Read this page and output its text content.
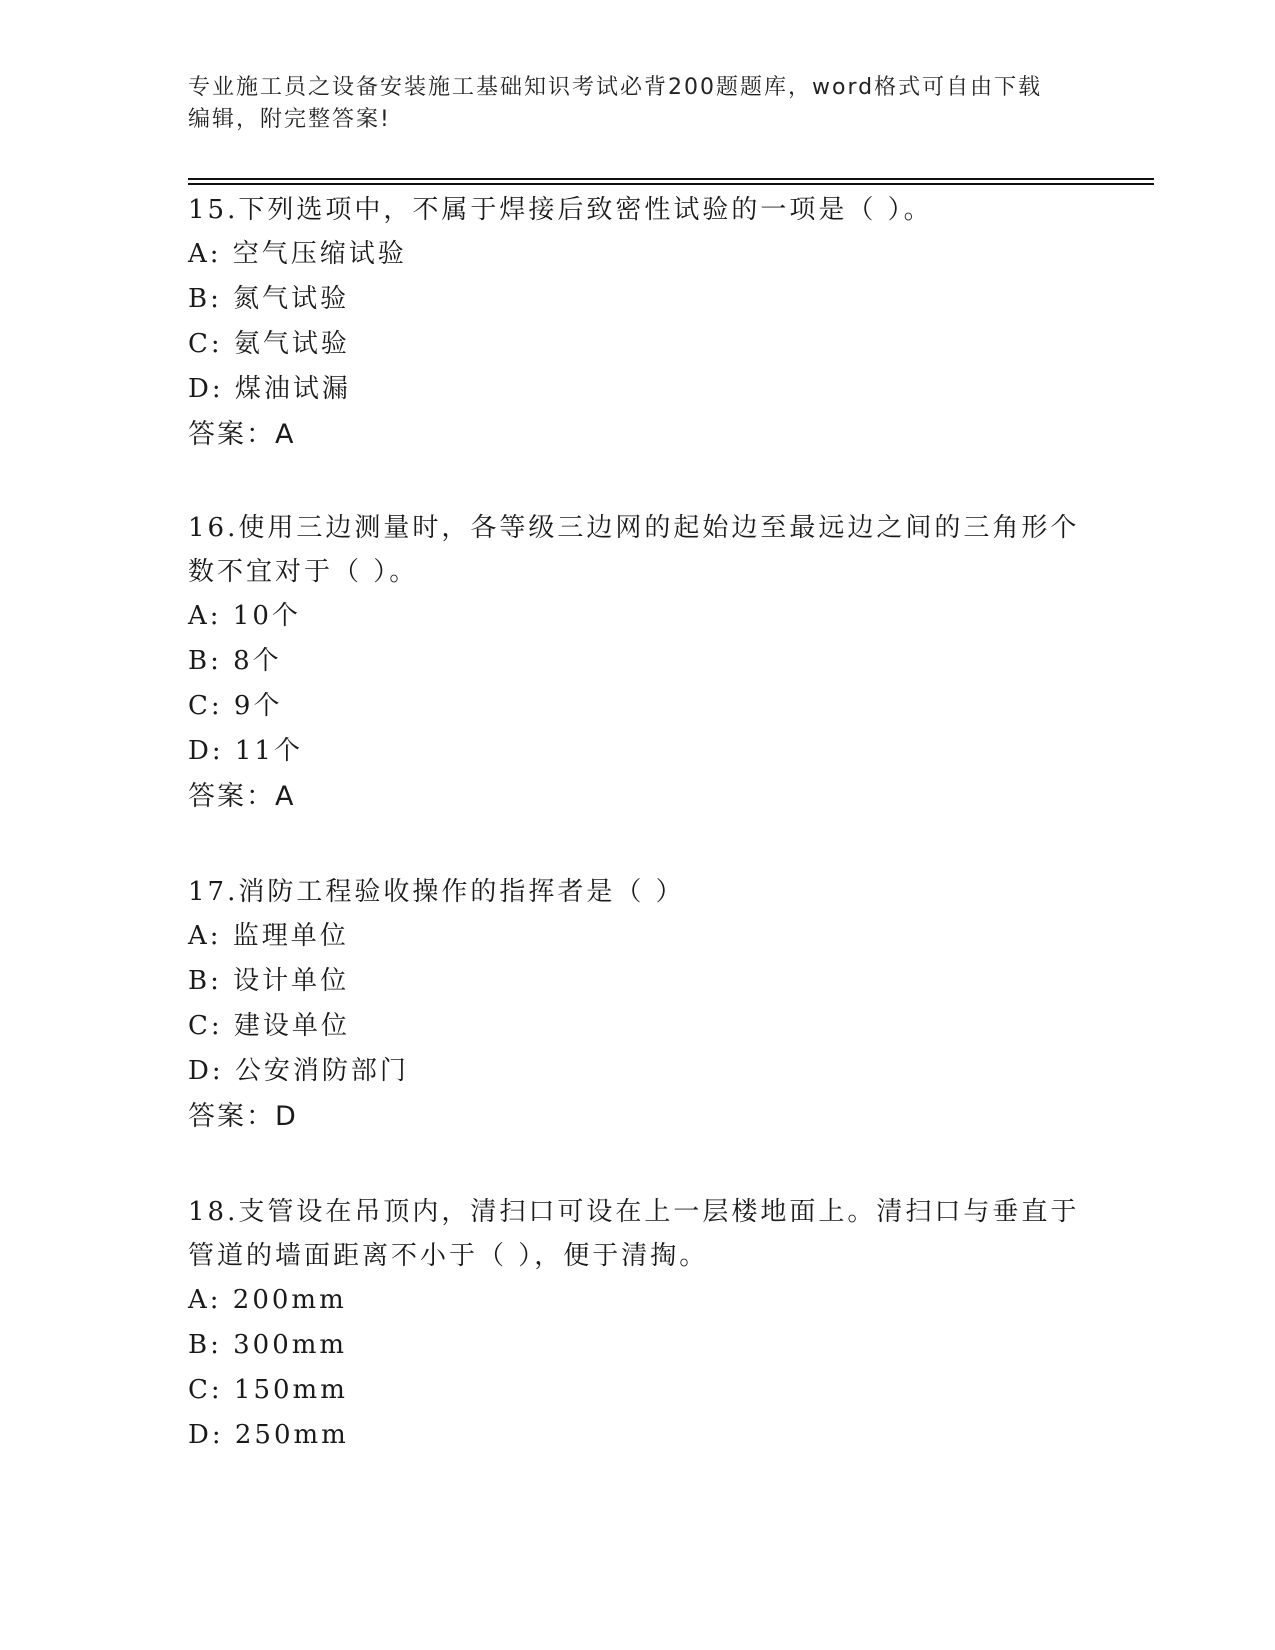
专业施工员之设备安装施工基础知识考试必背200题题库，word格式可自由下载
编辑，附完整答案!

15.下列选项中，不属于焊接后致密性试验的一项是（ ）。

A: 空气压缩试验

B: 氮气试验

C: 氨气试验

D: 煤油试漏

答案：A

16.使用三边测量时，各等级三边网的起始边至最远边之间的三角形个
数不宜对于（ ）。

A: 10个

B: 8个

C: 9个

D: 11个

答案：A

17.消防工程验收操作的指挥者是（ ）

A: 监理单位

B: 设计单位

C: 建设单位

D: 公安消防部门

答案：D

18.支管设在吊顶内，清扫口可设在上一层楼地面上。清扫口与垂直于
管道的墙面距离不小于（ ），便于清掏。

A: 200mm

B: 300mm

C: 150mm

D: 250mm
